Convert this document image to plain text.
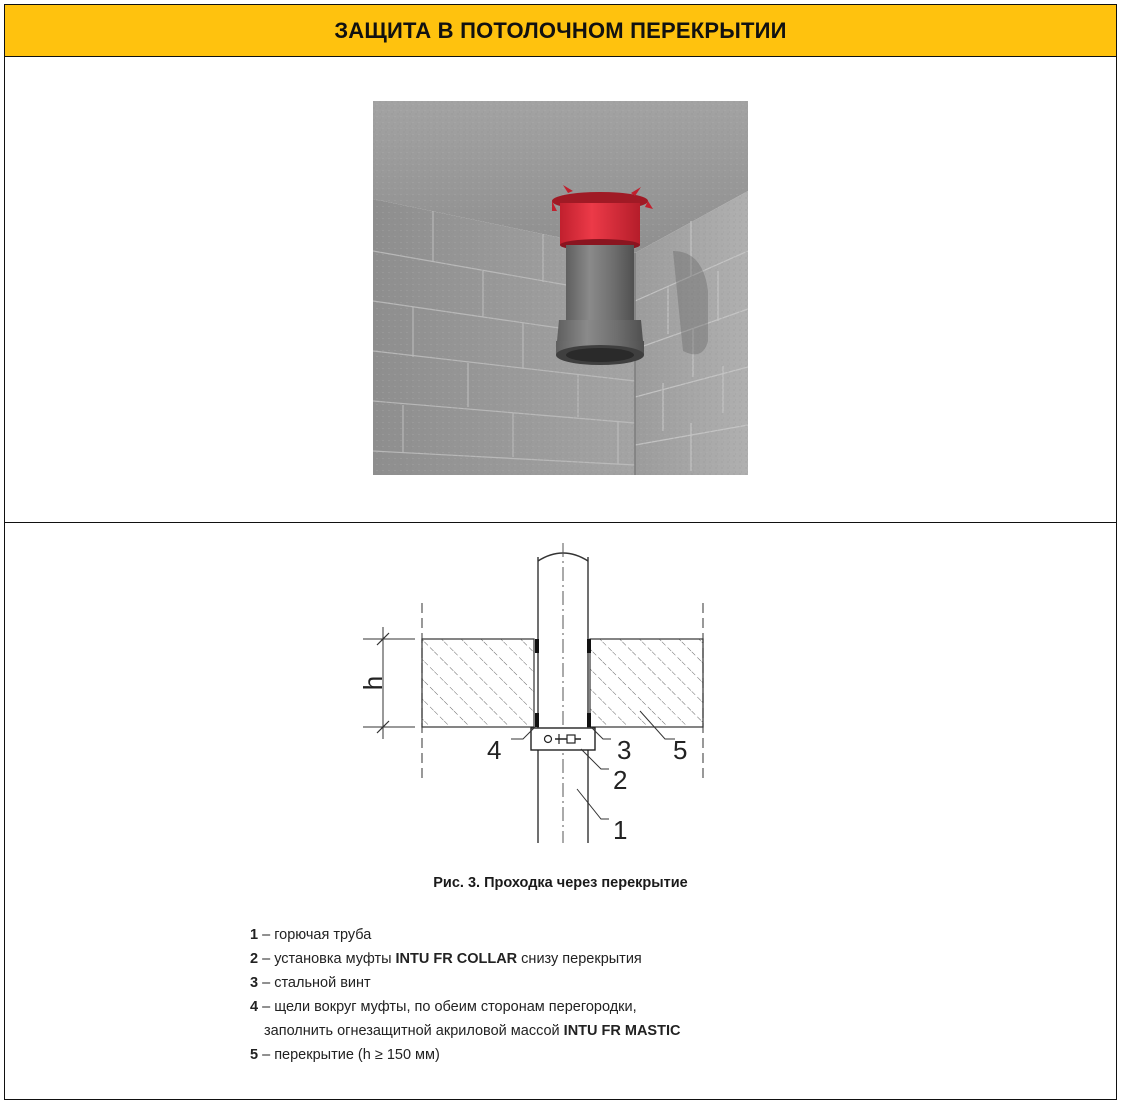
ЗАЩИТА В ПОТОЛОЧНОМ ПЕРЕКРЫТИИ
h
4	3 5
2
1
Рис. 3. Проходка через перекрытие
1 – горючая труба
2 – установка муфты INTU FR COLLAR снизу перекрытия
3 – стальной винт
4 – щели вокруг муфты, по обеим сторонам перегородки,
заполнить огнезащитной акриловой массой INTU FR MASTIC
5 – перекрытие (h ≥ 150 мм)
